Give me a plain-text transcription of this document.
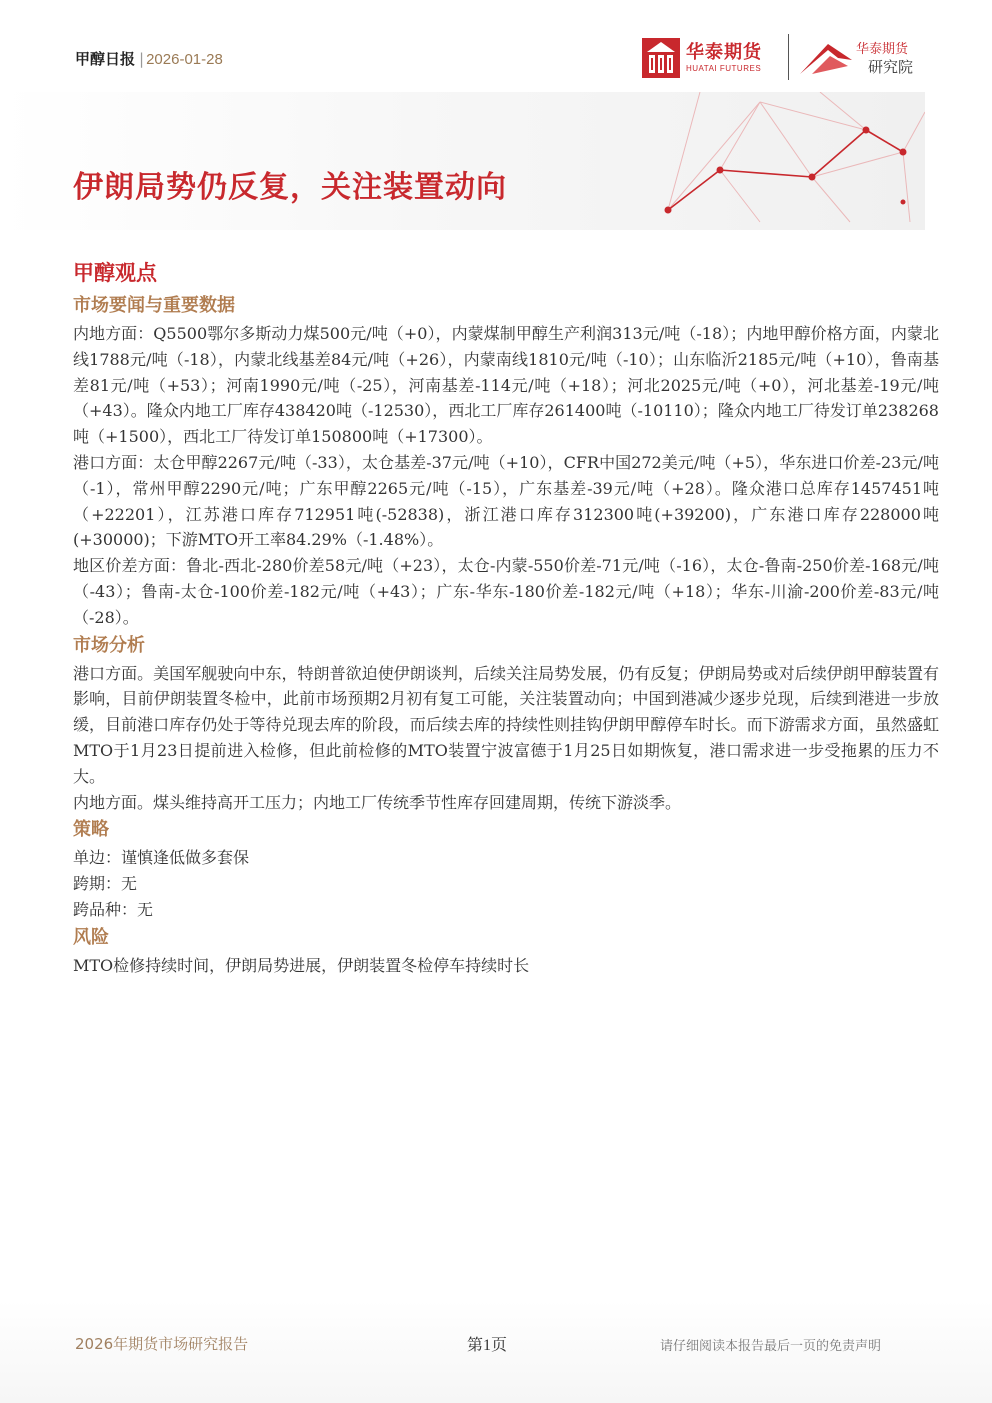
甲醇日报 | 2026-01-28	华泰期货
HUATAI FUTURES
华泰期货
研究院
伊朗局势仍反复，关注装置动向
甲醇观点
市场要闻与重要数据

内地方面：Q5500鄂尔多斯动力煤500元/吨（+0），内蒙煤制甲醇生产利润313元/吨（-18）；内地甲醇价格方面，内蒙北线1788元/吨（-18），内蒙北线基差84元/吨（+26），内蒙南线1810元/吨（-10）；山东临沂2185元/吨（+10），鲁南基差81元/吨（+53）；河南1990元/吨（-25），河南基差-114元/吨（+18）；河北2025元/吨（+0），河北基差-19元/吨（+43）。隆众内地工厂库存438420吨（-12530），西北工厂库存261400吨（-10110）；隆众内地工厂待发订单238268吨（+1500），西北工厂待发订单150800吨（+17300）。

港口方面：太仓甲醇2267元/吨（-33），太仓基差-37元/吨（+10），CFR中国272美元/吨（+5），华东进口价差-23元/吨（-1），常州甲醇2290元/吨；广东甲醇2265元/吨（-15），广东基差-39元/吨（+28）。隆众港口总库存1457451吨（+22201），江苏港口库存712951吨(-52838)，浙江港口库存312300吨(+39200)，广东港口库存228000吨(+30000)；下游MTO开工率84.29%（-1.48%）。

地区价差方面：鲁北-西北-280价差58元/吨（+23），太仓-内蒙-550价差-71元/吨（-16），太仓-鲁南-250价差-168元/吨（-43）；鲁南-太仓-100价差-182元/吨（+43）；广东-华东-180价差-182元/吨（+18）；华东-川渝-200价差-83元/吨（-28）。

市场分析

港口方面。美国军舰驶向中东，特朗普欲迫使伊朗谈判，后续关注局势发展，仍有反复；伊朗局势或对后续伊朗甲醇装置有影响，目前伊朗装置冬检中，此前市场预期2月初有复工可能，关注装置动向；中国到港减少逐步兑现，后续到港进一步放缓，目前港口库存仍处于等待兑现去库的阶段，而后续去库的持续性则挂钩伊朗甲醇停车时长。而下游需求方面，虽然盛虹MTO于1月23日提前进入检修，但此前检修的MTO装置宁波富德于1月25日如期恢复，港口需求进一步受拖累的压力不大。

内地方面。煤头维持高开工压力；内地工厂传统季节性库存回建周期，传统下游淡季。

策略

单边：谨慎逢低做多套保

跨期：无

跨品种：无

风险

MTO检修持续时间，伊朗局势进展，伊朗装置冬检停车持续时长

2026年期货市场研究报告	第1页	请仔细阅读本报告最后一页的免责声明
